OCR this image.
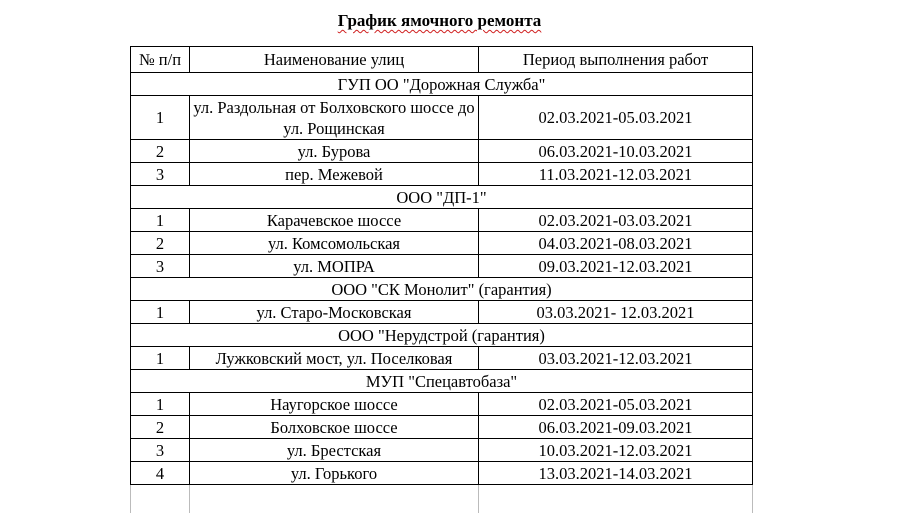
График ямочного ремонта
№ п/п	Наименование улиц	Период выполнения работ
ГУП ОО "Дорожная Служба"		
1	ул. Раздольная от Болховского шоссе до ул. Рощинская	02.03.2021-05.03.2021
2	ул. Бурова	06.03.2021-10.03.2021
3	пер. Межевой	11.03.2021-12.03.2021
ООО "ДП-1"		
1	Карачевское шоссе	02.03.2021-03.03.2021
2	ул. Комсомольская	04.03.2021-08.03.2021
3	ул. МОПРА	09.03.2021-12.03.2021
ООО "СК Монолит" (гарантия)		
1	ул. Старо-Московская	03.03.2021- 12.03.2021
ООО "Нерудстрой (гарантия)		
1	Лужковский мост, ул. Поселковая	03.03.2021-12.03.2021
МУП "Спецавтобаза"		
1	Наугорское шоссе	02.03.2021-05.03.2021
2	Болховское шоссе	06.03.2021-09.03.2021
3	ул. Брестская	10.03.2021-12.03.2021
4	ул. Горького	13.03.2021-14.03.2021
